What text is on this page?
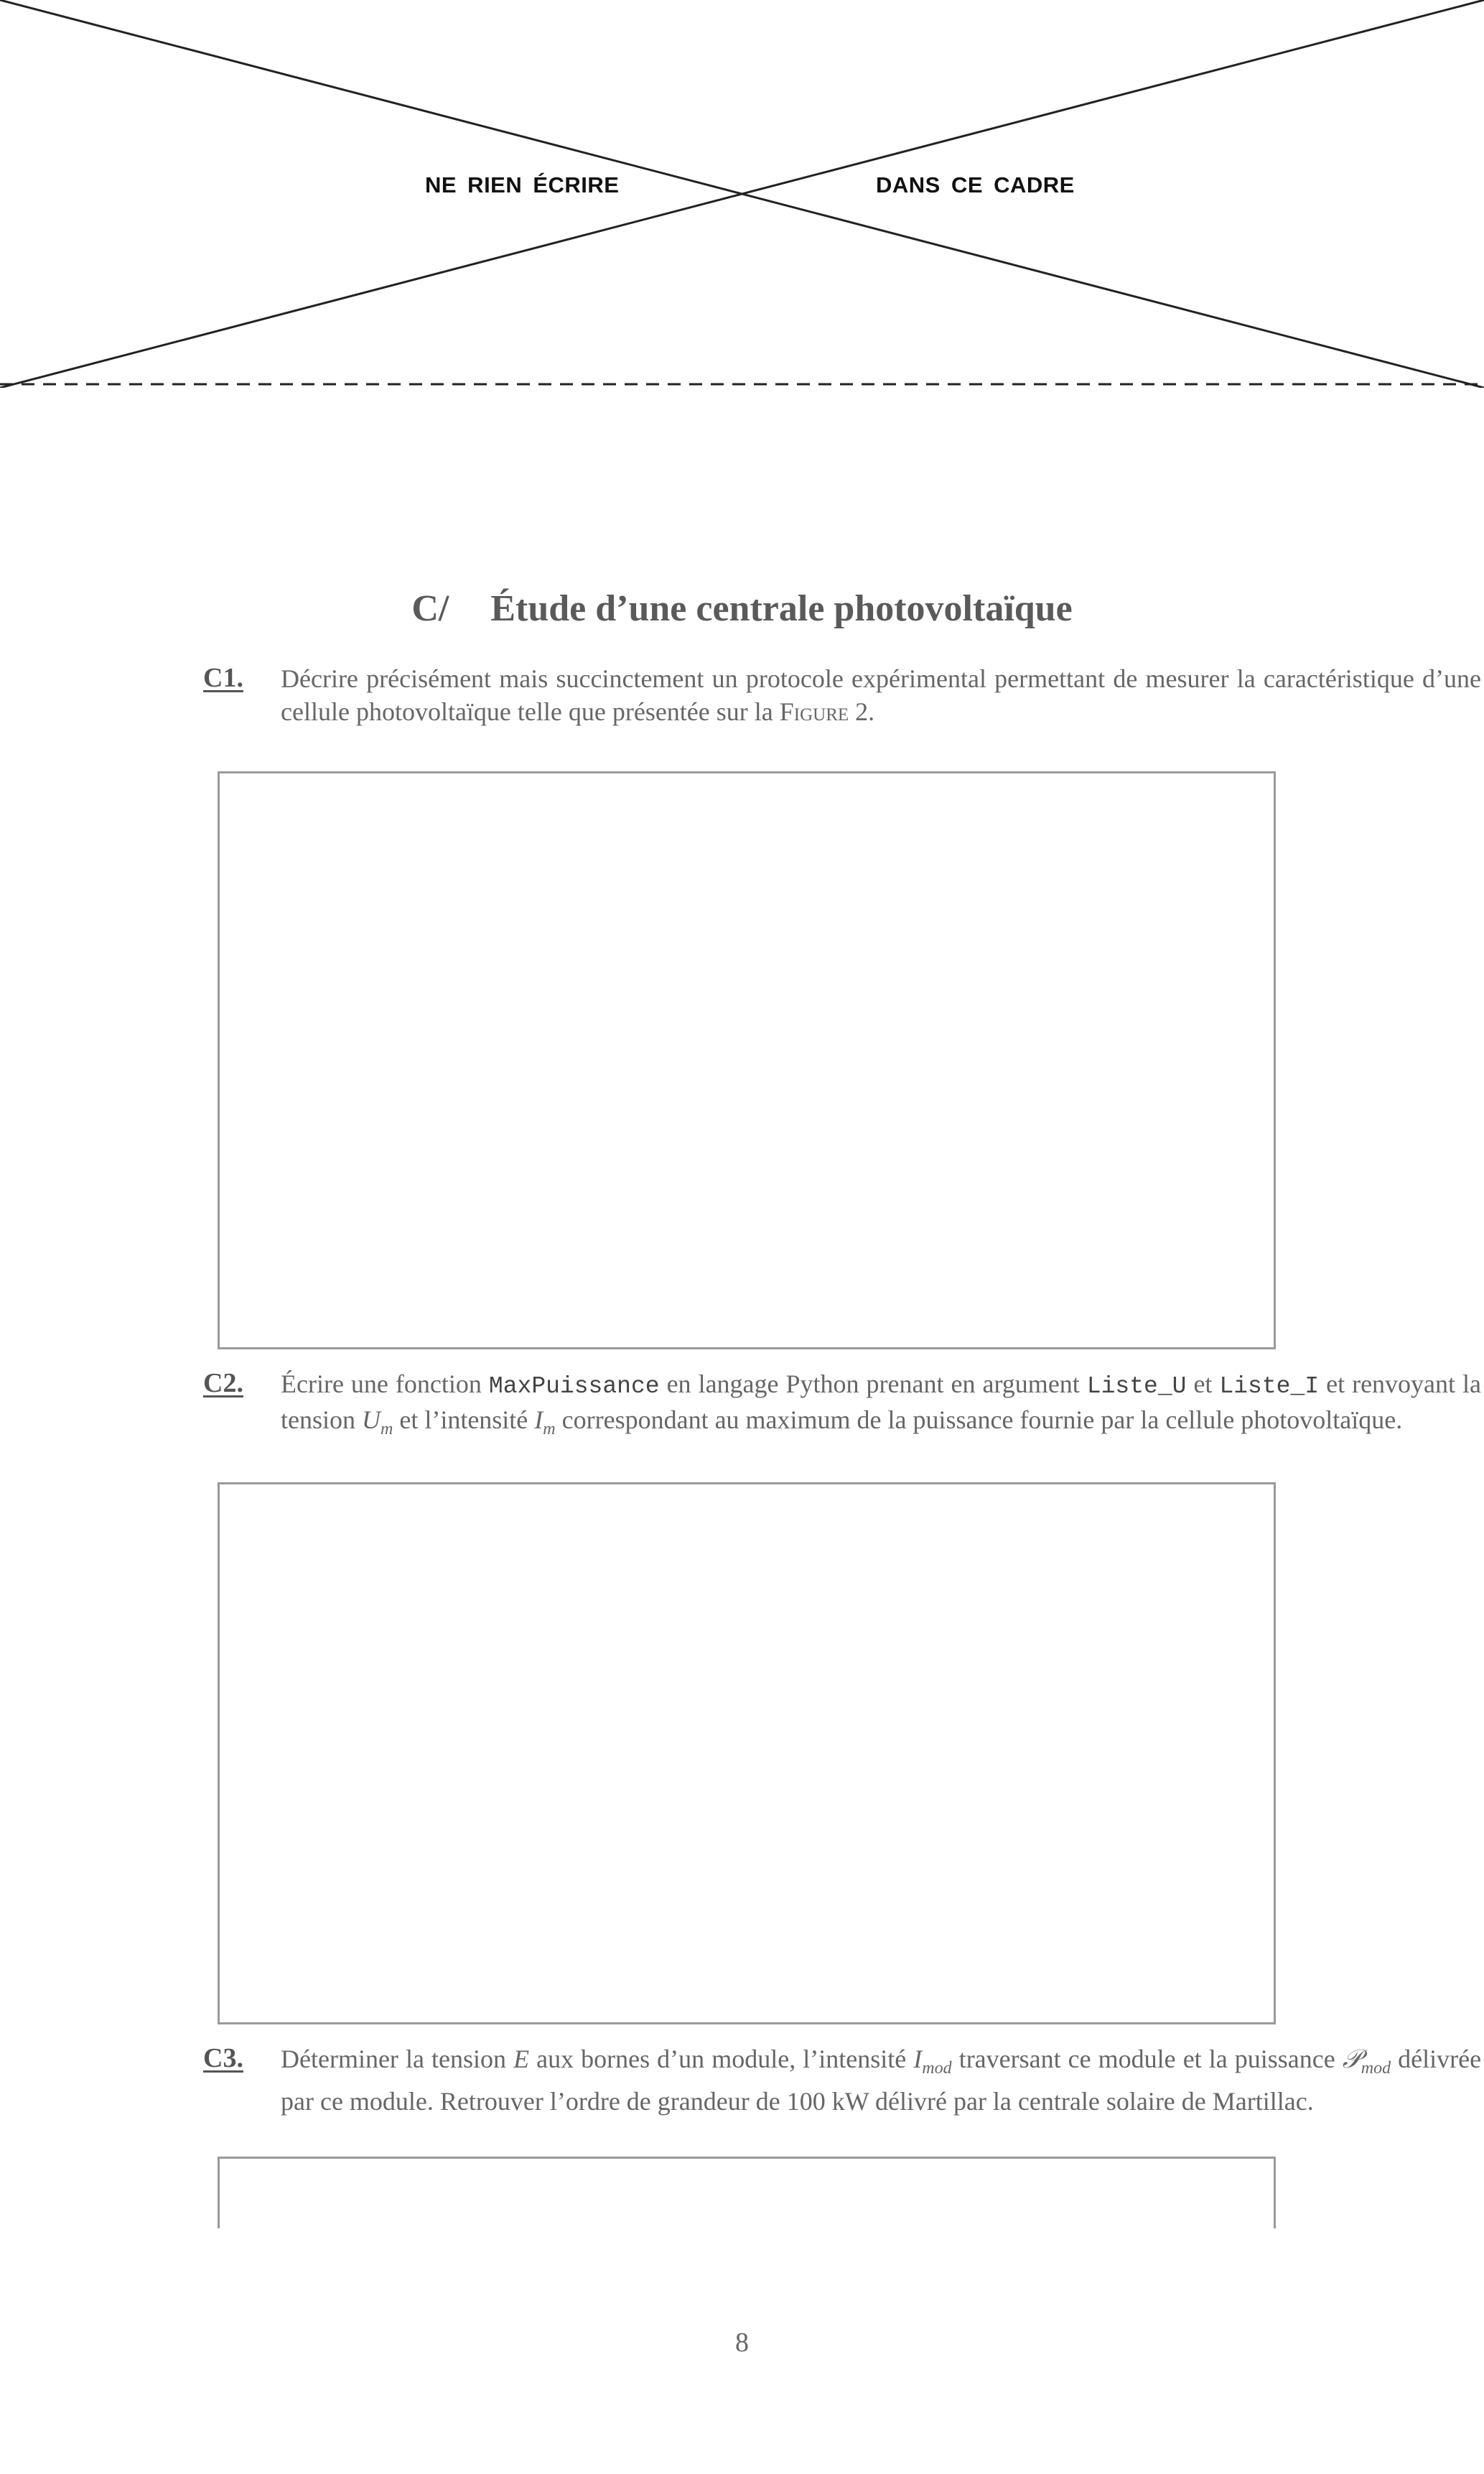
NE RIEN ÉCRIRE	DANS CE CADRE
C/ Étude d’une centrale photovoltaïque
C1. Décrire précisément mais succinctement un protocole expérimental permettant de mesurer la caractéristique d’une cellule photovoltaïque telle que présentée sur la Figure 2.
C2. Écrire une fonction MaxPuissance en langage Python prenant en argument Liste_U et Liste_I et renvoyant la tension $U_m$ et l’intensité $I_m$ correspondant au maximum de la puissance fournie par la cellule photovoltaïque.
C3. Déterminer la tension E aux bornes d’un module, l’intensité $I_{mod}$ traversant ce module et la puissance 𝒫$_{mod}$ délivrée par ce module. Retrouver l’ordre de grandeur de 100 kW délivré par la centrale solaire de Martillac.
8
